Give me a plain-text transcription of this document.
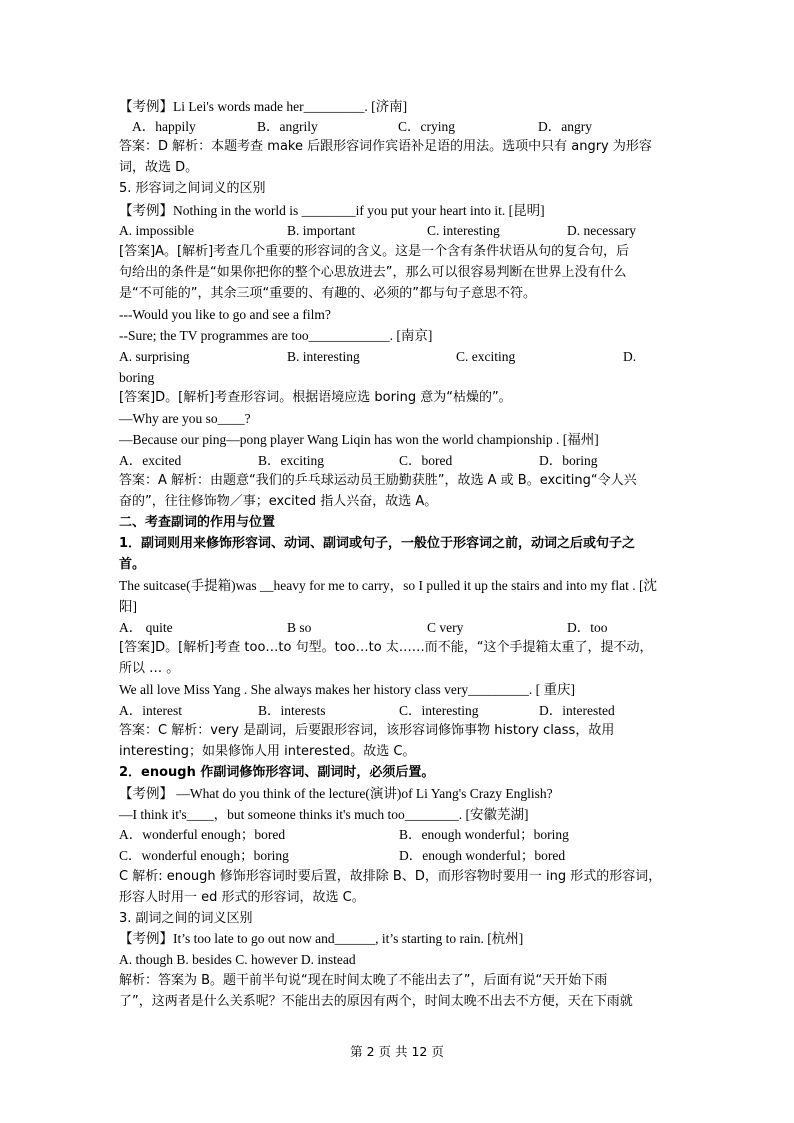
【考例】Li Lei's words made her_________. [济南]
A．happily	B．angrily	C．crying	D．angry
答案：D 解析：本题考查 make 后跟形容词作宾语补足语的用法。选项中只有 angry 为形容
词，故选 D。
5. 形容词之间词义的区别
【考例】Nothing in the world is ________if you put your heart into it. [昆明]
A. impossible	B. important	C. interesting	D. necessary
[答案]A。[解析]考查几个重要的形容词的含义。这是一个含有条件状语从句的复合句，后
句给出的条件是“如果你把你的整个心思放进去”，那么可以很容易判断在世界上没有什么
是“不可能的”，其余三项“重要的、有趣的、必须的”都与句子意思不符。
---Would you like to go and see a film?
--Sure; the TV programmes are too____________. [南京]
A. surprising	B. interesting	C. exciting	D.
boring
[答案]D。[解析]考查形容词。根据语境应选 boring 意为“枯燥的”。
—Why are you so____?
—Because our ping—pong player Wang Liqin has won the world championship . [福州]
A．excited	B．exciting	C．bored	D．boring
答案：A 解析：由题意“我们的乒乓球运动员王励勤获胜”，故选 A 或 B。exciting“令人兴
奋的”，往往修饰物／事；excited 指人兴奋，故选 A。
二、考查副词的作用与位置
1．副词则用来修饰形容词、动词、副词或句子，一般位于形容词之前，动词之后或句子之
首。
The suitcase(手提箱)was __heavy for me to carry，so I pulled it up the stairs and into my flat . [沈
阳]
A． quite	B so	C very	D．too
[答案]D。[解析]考查 too…to 句型。too…to 太……而不能，“这个手提箱太重了，提不动，
所以 … 。
We all love Miss Yang . She always makes her history class very_________. [ 重庆]
A．interest	B．interests	C．interesting	D．interested
答案：C 解析：very 是副词，后要跟形容词，该形容词修饰事物 history class，故用
interesting；如果修饰人用 interested。故选 C。
2．enough 作副词修饰形容词、副词时，必须后置。
【考例】 —What do you think of the lecture(演讲)of Li Yang's Crazy English?
—I think it's____，but someone thinks it's much too________. [安徽芜湖]
A．wonderful enough；bored	B．enough wonderful；boring
C．wonderful enough；boring	D．enough wonderful；bored
C 解析: enough 修饰形容词时要后置，故排除 B、D，而形容物时要用一 ing 形式的形容词，
形容人时用一 ed 形式的形容词，故选 C。
3. 副词之间的词义区别
【考例】It’s too late to go out now and______, it’s starting to rain. [杭州]
A. though B. besides C. however D. instead
解析：答案为 B。题干前半句说“现在时间太晚了不能出去了”，后面有说“天开始下雨
了”，这两者是什么关系呢？不能出去的原因有两个，时间太晚不出去不方便，天在下雨就
第 2 页 共 12 页
